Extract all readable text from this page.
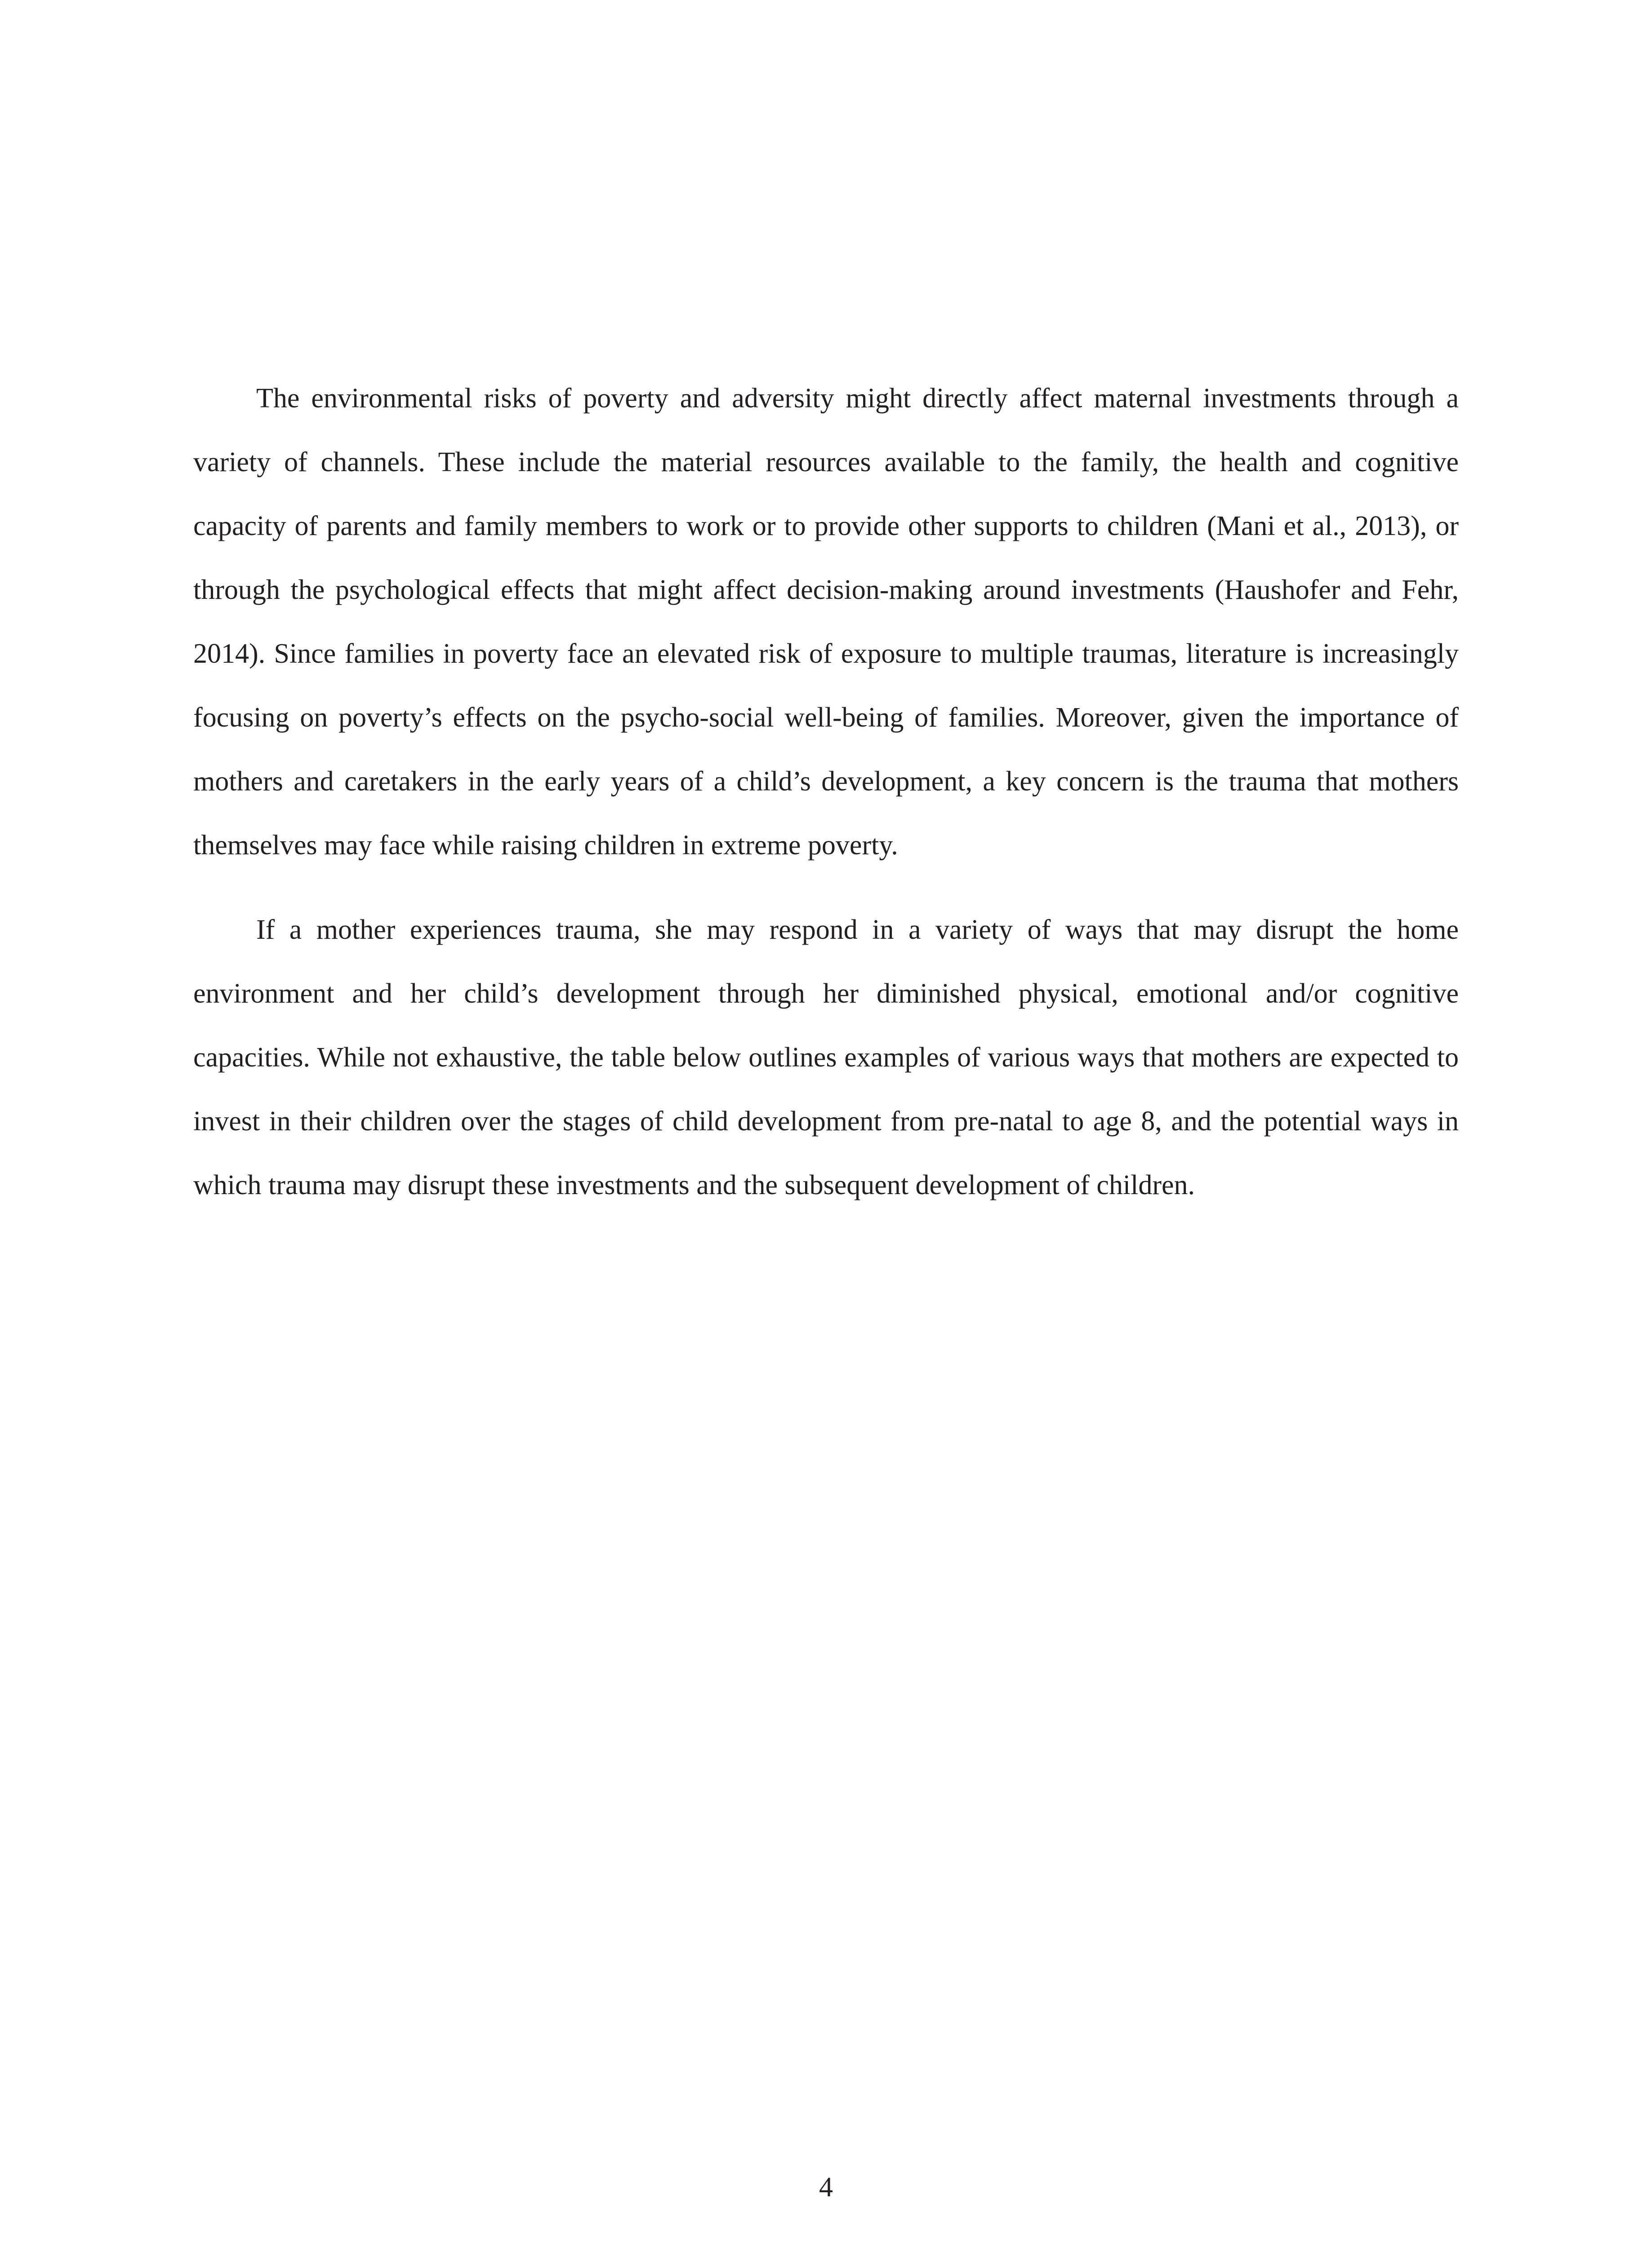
The environmental risks of poverty and adversity might directly affect maternal investments through a variety of channels. These include the material resources available to the family, the health and cognitive capacity of parents and family members to work or to provide other supports to children (Mani et al., 2013), or through the psychological effects that might affect decision-making around investments (Haushofer and Fehr, 2014). Since families in poverty face an elevated risk of exposure to multiple traumas, literature is increasingly focusing on poverty’s effects on the psycho-social well-being of families. Moreover, given the importance of mothers and caretakers in the early years of a child’s development, a key concern is the trauma that mothers themselves may face while raising children in extreme poverty.

If a mother experiences trauma, she may respond in a variety of ways that may disrupt the home environment and her child’s development through her diminished physical, emotional and/or cognitive capacities. While not exhaustive, the table below outlines examples of various ways that mothers are expected to invest in their children over the stages of child development from pre-natal to age 8, and the potential ways in which trauma may disrupt these investments and the subsequent development of children.

4
